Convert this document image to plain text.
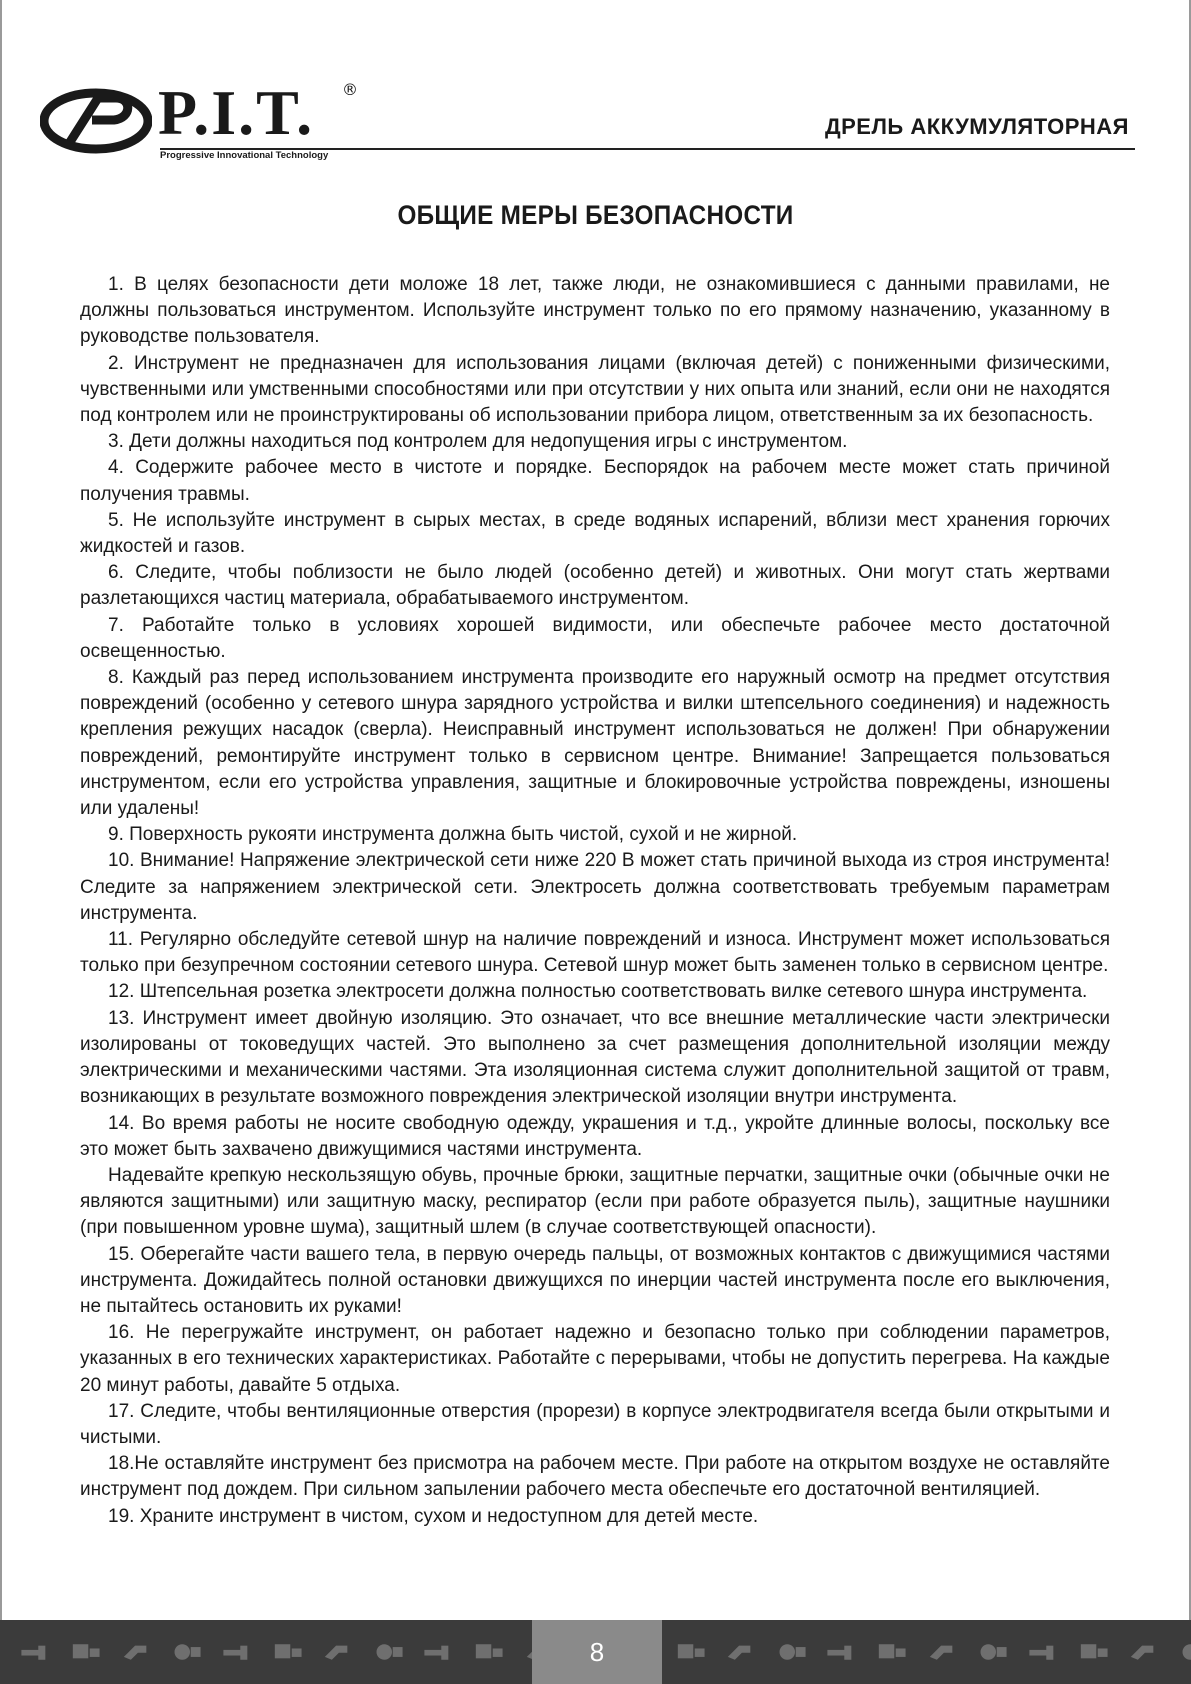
P.I.T. ®
Progressive Innovational Technology
ДРЕЛЬ АККУМУЛЯТОРНАЯ
ОБЩИЕ МЕРЫ БЕЗОПАСНОСТИ

1. В целях безопасности дети моложе 18 лет, также люди, не ознакомившиеся с данными правилами, не должны пользоваться инструментом. Используйте инструмент только по его прямому назначению, указанному в руководстве пользователя.

2. Инструмент не предназначен для использования лицами (включая детей) с пониженными физическими, чувственными или умственными способностями или при отсутствии у них опыта или знаний, если они не находятся под контролем или не проинструктированы об использовании прибора лицом, ответственным за их безопасность.

3. Дети должны находиться под контролем для недопущения игры с инструментом.

4. Содержите рабочее место в чистоте и порядке. Беспорядок на рабочем месте может стать причиной получения травмы.

5. Не используйте инструмент в сырых местах, в среде водяных испарений, вблизи мест хранения горючих жидкостей и газов.

6. Следите, чтобы поблизости не было людей (особенно детей) и животных. Они могут стать жертвами разлетающихся частиц материала, обрабатываемого инструментом.

7. Работайте только в условиях хорошей видимости, или обеспечьте рабочее место достаточной освещенностью.

8. Каждый раз перед использованием инструмента производите его наружный осмотр на предмет отсутствия повреждений (особенно у сетевого шнура зарядного устройства и вилки штепсельного соединения) и надежность крепления режущих насадок (сверла). Неисправный инструмент использоваться не должен! При обнаружении повреждений, ремонтируйте инструмент только в сервисном центре. Внимание! Запрещается пользоваться инструментом, если его устройства управления, защитные и блокировочные устройства повреждены, изношены или удалены!

9. Поверхность рукояти инструмента должна быть чистой, сухой и не жирной.

10. Внимание! Напряжение электрической сети ниже 220 В может стать причиной выхода из строя инструмента! Следите за напряжением электрической сети. Электросеть должна соответствовать требуемым параметрам инструмента.

11. Регулярно обследуйте сетевой шнур на наличие повреждений и износа. Инструмент может использоваться только при безупречном состоянии сетевого шнура. Сетевой шнур может быть заменен только в сервисном центре.

12. Штепсельная розетка электросети должна полностью соответствовать вилке сетевого шнура инструмента.

13. Инструмент имеет двойную изоляцию. Это означает, что все внешние металлические части электрически изолированы от токоведущих частей. Это выполнено за счет размещения дополнительной изоляции между электрическими и механическими частями. Эта изоляционная система служит дополнительной защитой от травм, возникающих в результате возможного повреждения электрической изоляции внутри инструмента.

14. Во время работы не носите свободную одежду, украшения и т.д., укройте длинные волосы, поскольку все это может быть захвачено движущимися частями инструмента.

Надевайте крепкую нескользящую обувь, прочные брюки, защитные перчатки, защитные очки (обычные очки не являются защитными) или защитную маску, респиратор (если при работе образуется пыль), защитные наушники (при повышенном уровне шума), защитный шлем (в случае соответствующей опасности).

15. Оберегайте части вашего тела, в первую очередь пальцы, от возможных контактов с движущимися частями инструмента. Дожидайтесь полной остановки движущихся по инерции частей инструмента после его выключения, не пытайтесь остановить их руками!

16. Не перегружайте инструмент, он работает надежно и безопасно только при соблюдении параметров, указанных в его технических характеристиках. Работайте с перерывами, чтобы не допустить перегрева. На каждые 20 минут работы, давайте 5 отдыха.

17. Следите, чтобы вентиляционные отверстия (прорези) в корпусе электродвигателя всегда были открытыми и чистыми.

18.Не оставляйте инструмент без присмотра на рабочем месте. При работе на открытом воздухе не оставляйте инструмент под дождем. При сильном запылении рабочего места обеспечьте его достаточной вентиляцией.

19. Храните инструмент в чистом, сухом и недоступном для детей месте.

8
